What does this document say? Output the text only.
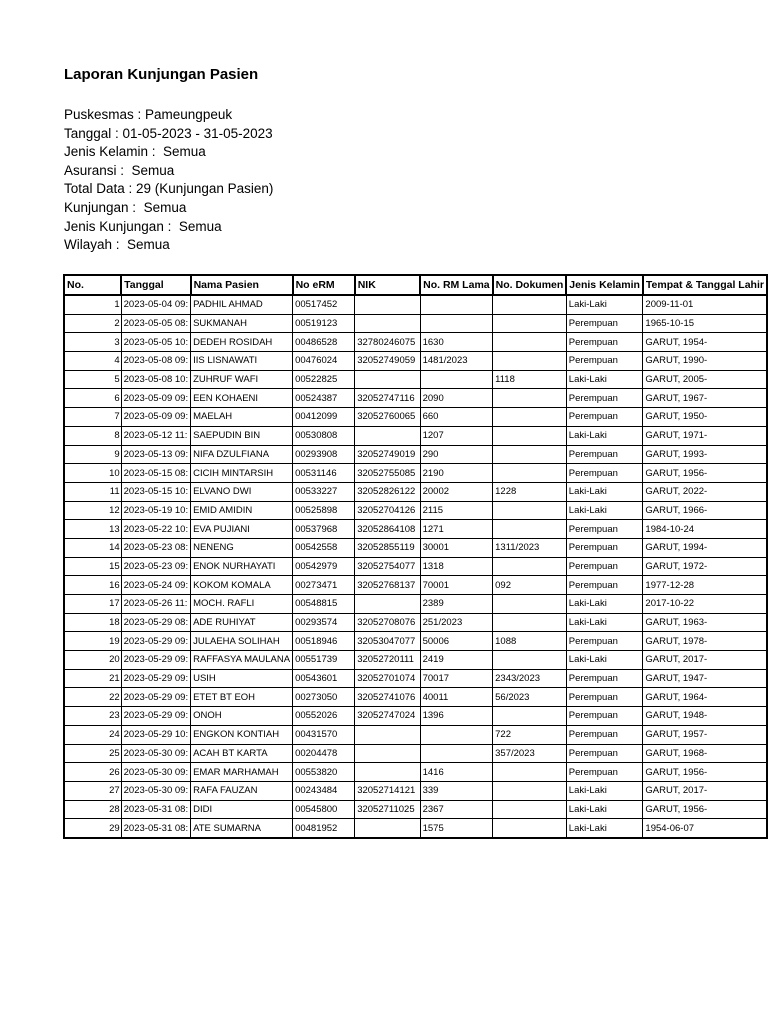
Laporan Kunjungan Pasien
Puskesmas : Pameungpeuk
Tanggal : 01-05-2023 - 31-05-2023
Jenis Kelamin :  Semua
Asuransi :  Semua
Total Data : 29 (Kunjungan Pasien)
Kunjungan :  Semua
Jenis Kunjungan :  Semua
Wilayah :  Semua
No.	Tanggal	Nama Pasien	No eRM	NIK	No. RM Lama	No. Dokumen	Jenis Kelamin	Tempat & Tanggal Lahir
1	2023-05-04 09:	PADHIL AHMAD	00517452				Laki-Laki	2009-11-01
2	2023-05-05 08:	SUKMANAH	00519123				Perempuan	1965-10-15
3	2023-05-05 10:	DEDEH ROSIDAH	00486528	32780246075	1630		Perempuan	GARUT, 1954-
4	2023-05-08 09:	IIS LISNAWATI	00476024	32052749059	1481/2023		Perempuan	GARUT, 1990-
5	2023-05-08 10:	ZUHRUF WAFI	00522825			1118	Laki-Laki	GARUT, 2005-
6	2023-05-09 09:	EEN KOHAENI	00524387	32052747116	2090		Perempuan	GARUT, 1967-
7	2023-05-09 09:	MAELAH	00412099	32052760065	660		Perempuan	GARUT, 1950-
8	2023-05-12 11:	SAEPUDIN BIN	00530808		1207		Laki-Laki	GARUT, 1971-
9	2023-05-13 09:	NIFA DZULFIANA	00293908	32052749019	290		Perempuan	GARUT, 1993-
10	2023-05-15 08:	CICIH MINTARSIH	00531146	32052755085	2190		Perempuan	GARUT, 1956-
11	2023-05-15 10:	ELVANO DWI	00533227	32052826122	20002	1228	Laki-Laki	GARUT, 2022-
12	2023-05-19 10:	EMID AMIDIN	00525898	32052704126	2115		Laki-Laki	GARUT, 1966-
13	2023-05-22 10:	EVA PUJIANI	00537968	32052864108	1271		Perempuan	1984-10-24
14	2023-05-23 08:	NENENG	00542558	32052855119	30001	1311/2023	Perempuan	GARUT, 1994-
15	2023-05-23 09:	ENOK NURHAYATI	00542979	32052754077	1318		Perempuan	GARUT, 1972-
16	2023-05-24 09:	KOKOM KOMALA	00273471	32052768137	70001	092	Perempuan	1977-12-28
17	2023-05-26 11:	MOCH. RAFLI	00548815		2389		Laki-Laki	2017-10-22
18	2023-05-29 08:	ADE RUHIYAT	00293574	32052708076	251/2023		Laki-Laki	GARUT, 1963-
19	2023-05-29 09:	JULAEHA SOLIHAH	00518946	32053047077	50006	1088	Perempuan	GARUT, 1978-
20	2023-05-29 09:	RAFFASYA MAULANA	00551739	32052720111	2419		Laki-Laki	GARUT, 2017-
21	2023-05-29 09:	USIH	00543601	32052701074	70017	2343/2023	Perempuan	GARUT, 1947-
22	2023-05-29 09:	ETET BT EOH	00273050	32052741076	40011	56/2023	Perempuan	GARUT, 1964-
23	2023-05-29 09:	ONOH	00552026	32052747024	1396		Perempuan	GARUT, 1948-
24	2023-05-29 10:	ENGKON KONTIAH	00431570			722	Perempuan	GARUT, 1957-
25	2023-05-30 09:	ACAH BT KARTA	00204478			357/2023	Perempuan	GARUT, 1968-
26	2023-05-30 09:	EMAR MARHAMAH	00553820		1416		Perempuan	GARUT, 1956-
27	2023-05-30 09:	RAFA FAUZAN	00243484	32052714121	339		Laki-Laki	GARUT, 2017-
28	2023-05-31 08:	DIDI	00545800	32052711025	2367		Laki-Laki	GARUT, 1956-
29	2023-05-31 08:	ATE SUMARNA	00481952		1575		Laki-Laki	1954-06-07
